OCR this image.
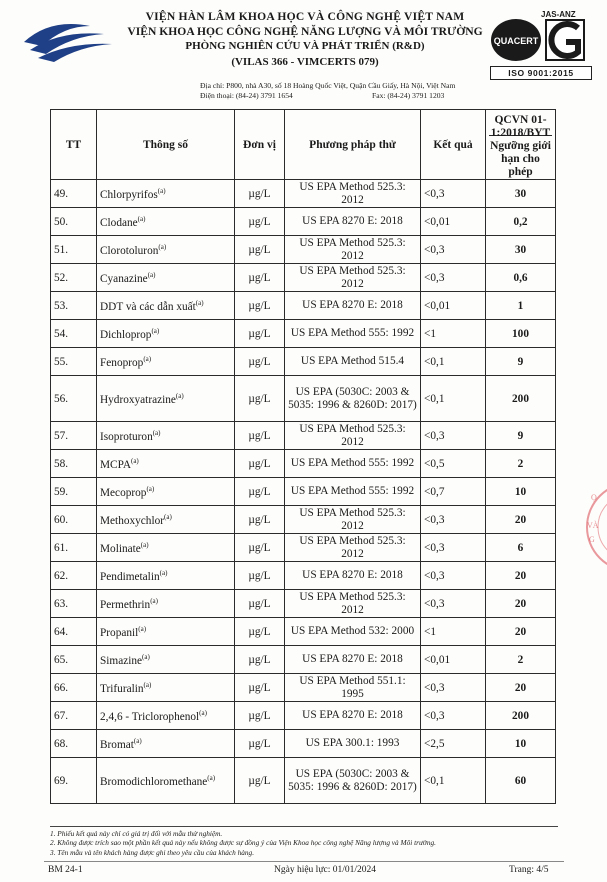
VIỆN HÀN LÂM KHOA HỌC VÀ CÔNG NGHỆ VIỆT NAM
VIỆN KHOA HỌC CÔNG NGHỆ NĂNG LƯỢNG VÀ MÔI TRƯỜNG
PHÒNG NGHIÊN CỨU VÀ PHÁT TRIỂN (R&D)
(VILAS 366 - VIMCERTS 079)
Địa chỉ: P800, nhà A30, số 18 Hoàng Quốc Việt, Quận Cầu Giấy, Hà Nội, Việt Nam
Điện thoại: (84-24) 3791 1654	Fax: (84-24) 3791 1203
QUACERT
JAS-ANZ
ISO 9001:2015
TT	Thông số	Đơn vị	Phương pháp thử	Kết quả	QCVN 01-1:2018/BYT
Ngưỡng giới hạn cho phép

49.	Chlorpyrifos$^{(a)}$	µg/L	US EPA Method 525.3: 2012	<0,3	30
50.	Clodane$^{(a)}$	µg/L	US EPA 8270 E: 2018	<0,01	0,2
51.	Clorotoluron$^{(a)}$	µg/L	US EPA Method 525.3: 2012	<0,3	30
52.	Cyanazine$^{(a)}$	µg/L	US EPA Method 525.3: 2012	<0,3	0,6
53.	DDT và các dẫn xuất$^{(a)}$	µg/L	US EPA 8270 E: 2018	<0,01	1
54.	Dichloprop$^{(a)}$	µg/L	US EPA Method 555: 1992	<1	100
55.	Fenoprop$^{(a)}$	µg/L	US EPA Method 515.4	<0,1	9
56.	Hydroxyatrazine$^{(a)}$	µg/L	US EPA (5030C: 2003 & 5035: 1996 & 8260D: 2017)	<0,1	200
57.	Isoproturon$^{(a)}$	µg/L	US EPA Method 525.3: 2012	<0,3	9
58.	MCPA$^{(a)}$	µg/L	US EPA Method 555: 1992	<0,5	2
59.	Mecoprop$^{(a)}$	µg/L	US EPA Method 555: 1992	<0,7	10
60.	Methoxychlor$^{(a)}$	µg/L	US EPA Method 525.3: 2012	<0,3	20
61.	Molinate$^{(a)}$	µg/L	US EPA Method 525.3: 2012	<0,3	6
62.	Pendimetalin$^{(a)}$	µg/L	US EPA 8270 E: 2018	<0,3	20
63.	Permethrin$^{(a)}$	µg/L	US EPA Method 525.3: 2012	<0,3	20
64.	Propanil$^{(a)}$	µg/L	US EPA Method 532: 2000	<1	20
65.	Simazine$^{(a)}$	µg/L	US EPA 8270 E: 2018	<0,01	2
66.	Trifuralin$^{(a)}$	µg/L	US EPA Method 551.1: 1995	<0,3	20
67.	2,4,6 - Triclorophenol$^{(a)}$	µg/L	US EPA 8270 E: 2018	<0,3	200
68.	Bromat$^{(a)}$	µg/L	US EPA 300.1: 1993	<2,5	10
69.	Bromodichloromethane$^{(a)}$	µg/L	US EPA (5030C: 2003 & 5035: 1996 & 8260D: 2017)	<0,1	60
Ọ
VÀ
G
1. Phiếu kết quả này chỉ có giá trị đối với mẫu thử nghiệm.
2. Không được trích sao một phần kết quả này nếu không được sự đồng ý của Viện Khoa học công nghệ Năng lượng và Môi trường.
3. Tên mẫu và tên khách hàng được ghi theo yêu cầu của khách hàng.
BM 24-1	Ngày hiệu lực: 01/01/2024	Trang: 4/5
